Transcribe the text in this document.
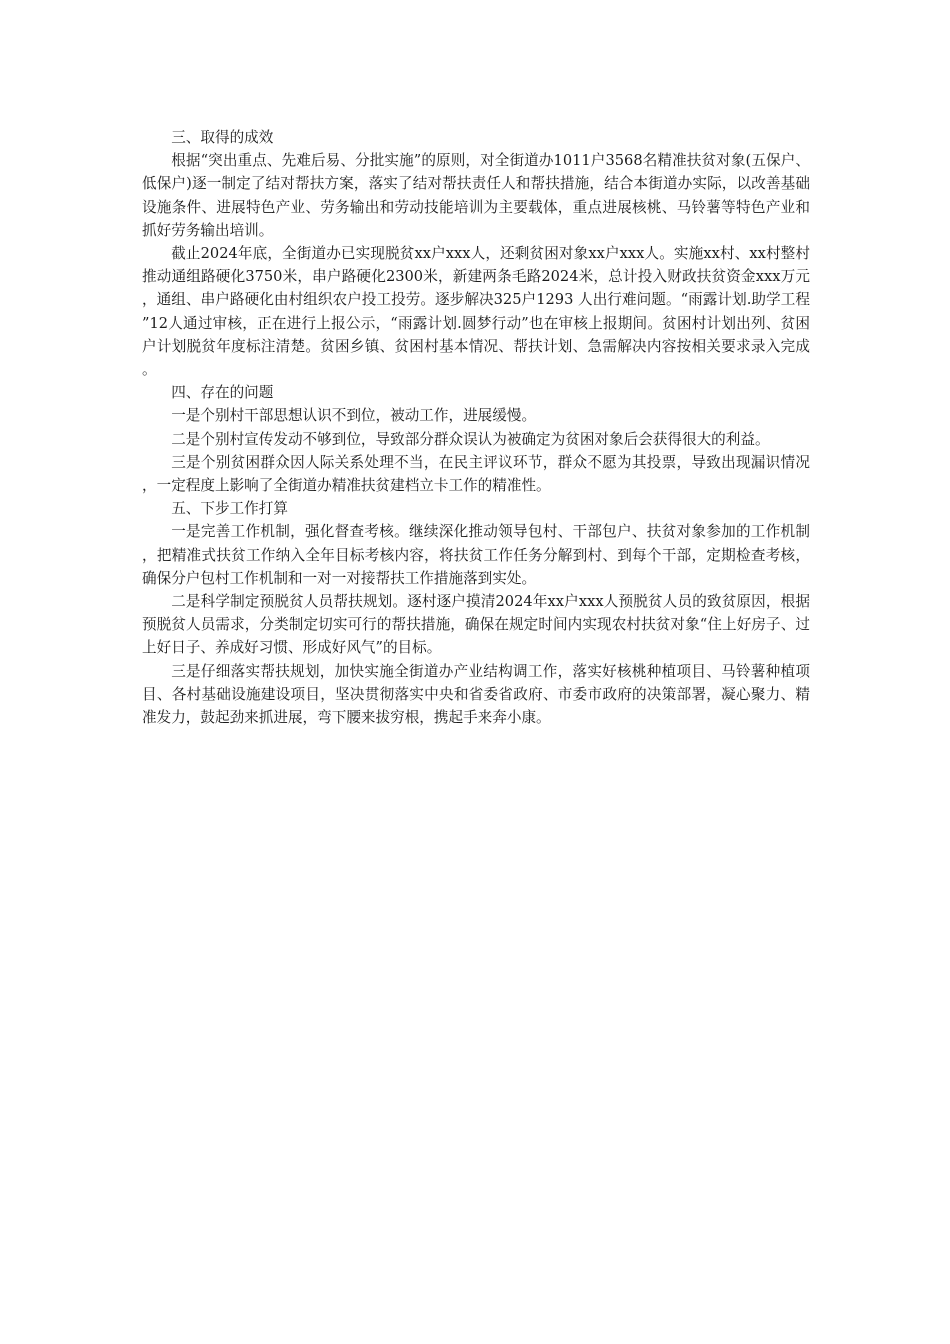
三、取得的成效

根据“突出重点、先难后易、分批实施”的原则，对全街道办1011户3568名精准扶贫对象(五保户、低保户)逐一制定了结对帮扶方案，落实了结对帮扶责任人和帮扶措施，结合本街道办实际，以改善基础设施条件、进展特色产业、劳务输出和劳动技能培训为主要载体，重点进展核桃、马铃薯等特色产业和抓好劳务输出培训。

截止2024年底，全街道办已实现脱贫xx户xxx人，还剩贫困对象xx户xxx人。实施xx村、xx村整村推动通组路硬化3750米，串户路硬化2300米，新建两条毛路2024米，总计投入财政扶贫资金xxx万元，通组、串户路硬化由村组织农户投工投劳。逐步解决325户1293 人出行难问题。“雨露计划.助学工程”12人通过审核，正在进行上报公示，“雨露计划.圆梦行动”也在审核上报期间。贫困村计划出列、贫困户计划脱贫年度标注清楚。贫困乡镇、贫困村基本情况、帮扶计划、急需解决内容按相关要求录入完成。

四、存在的问题

一是个别村干部思想认识不到位，被动工作，进展缓慢。

二是个别村宣传发动不够到位，导致部分群众误认为被确定为贫困对象后会获得很大的利益。

三是个别贫困群众因人际关系处理不当，在民主评议环节，群众不愿为其投票，导致出现漏识情况，一定程度上影响了全街道办精准扶贫建档立卡工作的精准性。

五、下步工作打算

一是完善工作机制，强化督查考核。继续深化推动领导包村、干部包户、扶贫对象参加的工作机制，把精准式扶贫工作纳入全年目标考核内容，将扶贫工作任务分解到村、到每个干部，定期检查考核，确保分户包村工作机制和一对一对接帮扶工作措施落到实处。

二是科学制定预脱贫人员帮扶规划。逐村逐户摸清2024年xx户xxx人预脱贫人员的致贫原因，根据预脱贫人员需求，分类制定切实可行的帮扶措施，确保在规定时间内实现农村扶贫对象“住上好房子、过上好日子、养成好习惯、形成好风气”的目标。

三是仔细落实帮扶规划，加快实施全街道办产业结构调工作，落实好核桃种植项目、马铃薯种植项目、各村基础设施建设项目，坚决贯彻落实中央和省委省政府、市委市政府的决策部署，凝心聚力、精准发力，鼓起劲来抓进展，弯下腰来拔穷根，携起手来奔小康。
